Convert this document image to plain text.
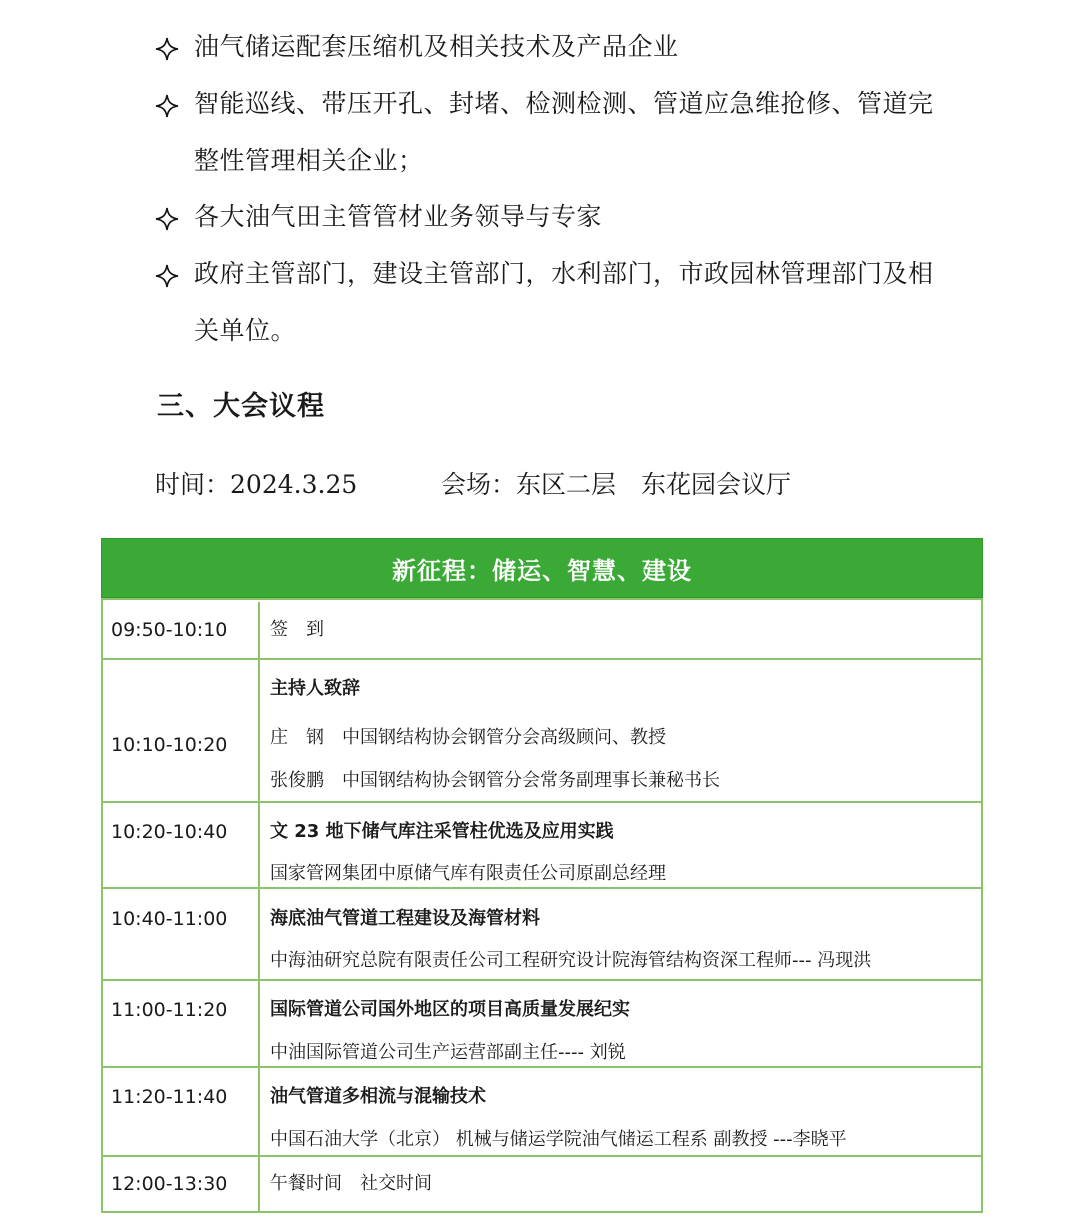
油气储运配套压缩机及相关技术及产品企业
智能巡线、带压开孔、封堵、检测检测、管道应急维抢修、管道完
整性管理相关企业；
各大油气田主管管材业务领导与专家
政府主管部门，建设主管部门，水利部门，市政园林管理部门及相
关单位。
三、大会议程
时间：2024.3.25	会场：东区二层　东花园会议厅
新征程：储运、智慧、建设
09:50-10:10 签　到
10:10-10:20
主持人致辞
庄　钢　中国钢结构协会钢管分会高级顾问、教授
张俊鹏　中国钢结构协会钢管分会常务副理事长兼秘书长
10:20-10:40 文 23 地下储气库注采管柱优选及应用实践
国家管网集团中原储气库有限责任公司原副总经理
10:40-11:00 海底油气管道工程建设及海管材料
中海油研究总院有限责任公司工程研究设计院海管结构资深工程师--- 冯现洪
11:00-11:20 国际管道公司国外地区的项目高质量发展纪实
中油国际管道公司生产运营部副主任---- 刘锐
11:20-11:40 油气管道多相流与混输技术
中国石油大学（北京） 机械与储运学院油气储运工程系 副教授 ---李晓平
12:00-13:30 午餐时间　社交时间
